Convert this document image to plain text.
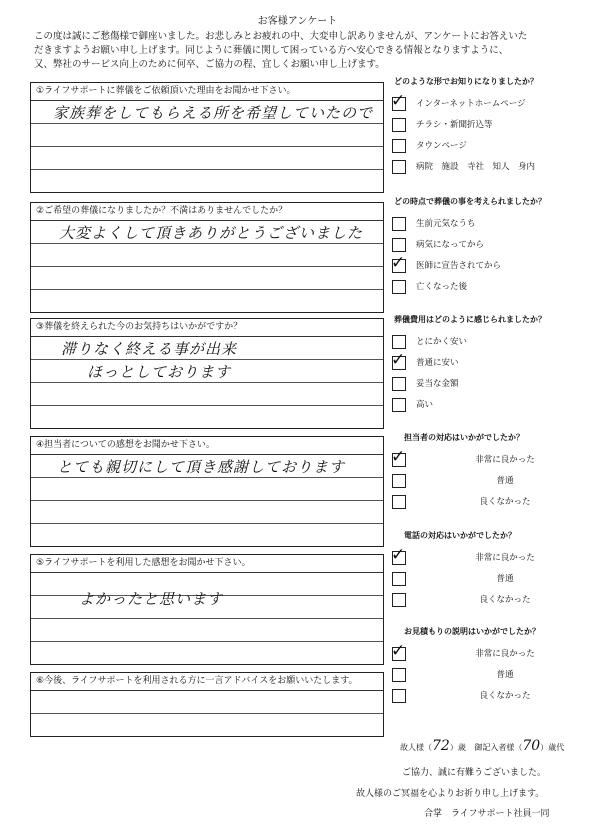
お客様アンケート
この度は誠にご愁傷様で御座いました。お悲しみとお疲れの中、大変申し訳ありませんが、アンケートにお答えいた
だきますようお願い申し上げます。同じように葬儀に関して困っている方へ安心できる情報となりますように、
又、弊社のサービス向上のために何卒、ご協力の程、宜しくお願い申し上げます。
①ライフサポートに葬儀をご依頼頂いた理由をお聞かせ下さい。
家族葬をしてもらえる所を希望していたので
②ご希望の葬儀になりましたか？不満はありませんでしたか？
大変よくして頂きありがとうございました
③葬儀を終えられた今のお気持ちはいかがですか？
滞りなく終える事が出来
ほっとしております
④担当者についての感想をお聞かせ下さい。
とても親切にして頂き感謝しております
⑤ライフサポートを利用した感想をお聞かせ下さい。
よかったと思います
⑥今後、ライフサポートを利用される方に一言アドバイスをお願いいたします。
どのような形でお知りになりましたか？
✓ インターネットホームページ
チラシ・新聞折込等
タウンページ
病院　施設　寺社　知人　身内
どの時点で葬儀の事を考えられましたか？
生前元気なうち
病気になってから
✓ 医師に宣告されてから
亡くなった後
葬儀費用はどのように感じられましたか？
とにかく安い
✓ 普通に安い
妥当な金額
高い
担当者の対応はいかがでしたか？
✓	非常に良かった
普通
良くなかった
電話の対応はいかがでしたか？
✓	非常に良かった
普通
良くなかった
お見積もりの説明はいかがでしたか？
✓	非常に良かった
普通
良くなかった
故人様（72）歳 御記入者様（70）歳代
ご協力、誠に有難うございました。
故人様のご冥福を心よりお祈り申し上げます。
合掌　ライフサポート社員一同
